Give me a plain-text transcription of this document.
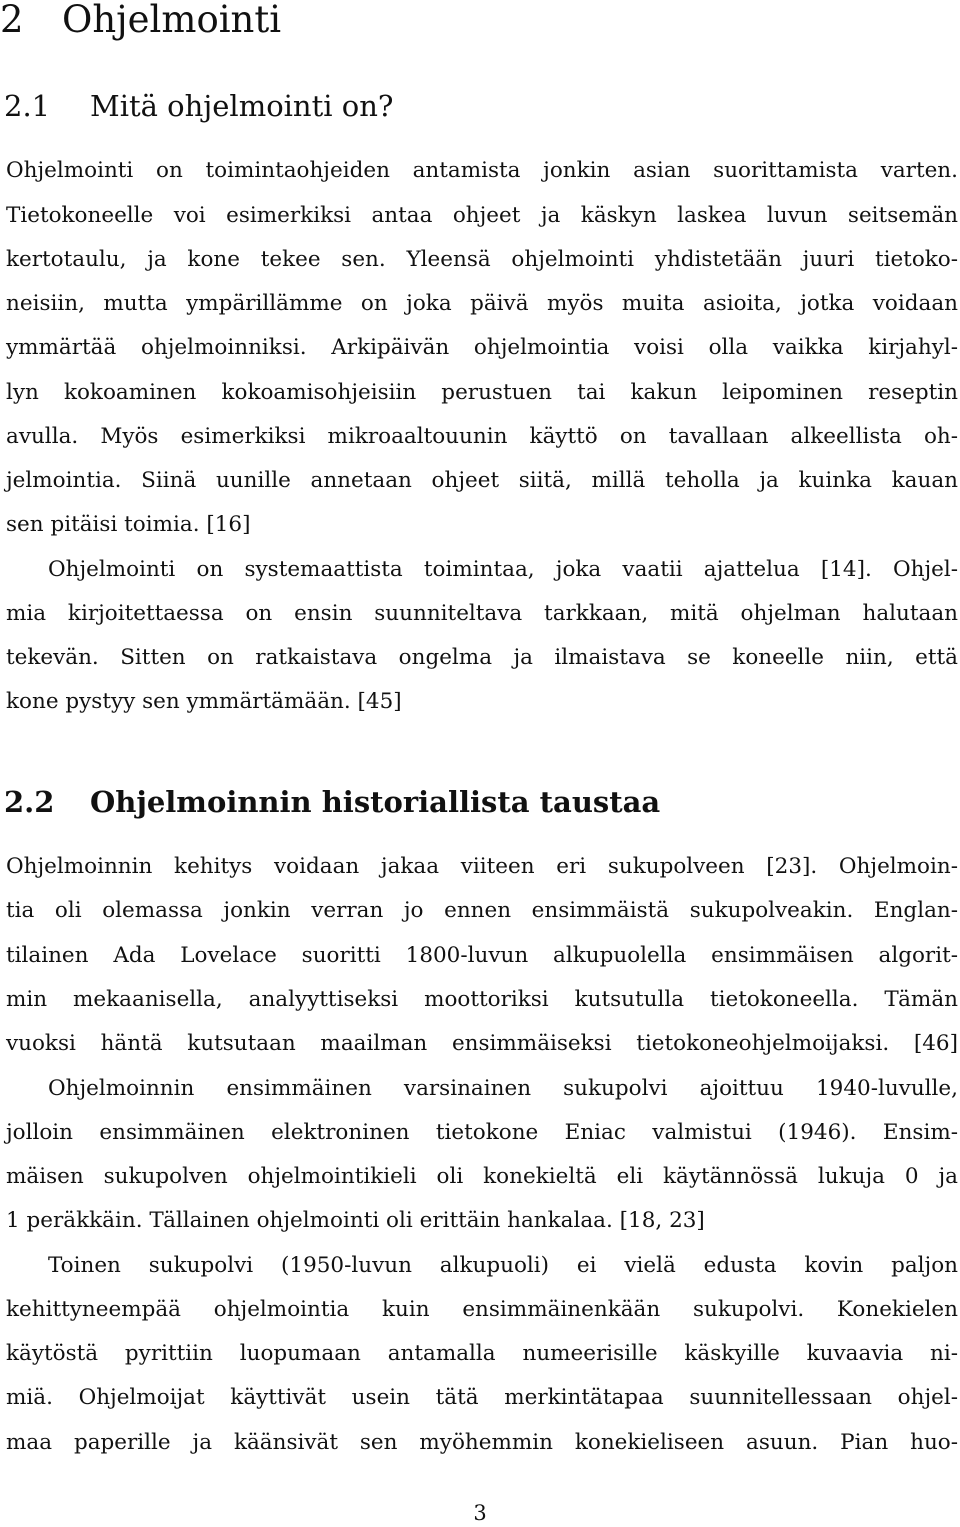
2 Ohjelmointi
2.1 Mitä ohjelmointi on?

Ohjelmointi on toimintaohjeiden antamista jonkin asian suorittamista varten.

Tietokoneelle voi esimerkiksi antaa ohjeet ja käskyn laskea luvun seitsemän

kertotaulu, ja kone tekee sen. Yleensä ohjelmointi yhdistetään juuri tietoko-

neisiin, mutta ympärillämme on joka päivä myös muita asioita, jotka voidaan

ymmärtää ohjelmoinniksi. Arkipäivän ohjelmointia voisi olla vaikka kirjahyl-

lyn kokoaminen kokoamisohjeisiin perustuen tai kakun leipominen reseptin

avulla. Myös esimerkiksi mikroaaltouunin käyttö on tavallaan alkeellista oh-

jelmointia. Siinä uunille annetaan ohjeet siitä, millä teholla ja kuinka kauan

sen pitäisi toimia. [16]

Ohjelmointi on systemaattista toimintaa, joka vaatii ajattelua [14]. Ohjel-

mia kirjoitettaessa on ensin suunniteltava tarkkaan, mitä ohjelman halutaan

tekevän. Sitten on ratkaistava ongelma ja ilmaistava se koneelle niin, että

kone pystyy sen ymmärtämään. [45]

2.2 Ohjelmoinnin historiallista taustaa

Ohjelmoinnin kehitys voidaan jakaa viiteen eri sukupolveen [23]. Ohjelmoin-

tia oli olemassa jonkin verran jo ennen ensimmäistä sukupolveakin. Englan-

tilainen Ada Lovelace suoritti 1800-luvun alkupuolella ensimmäisen algorit-

min mekaanisella, analyyttiseksi moottoriksi kutsutulla tietokoneella. Tämän

vuoksi häntä kutsutaan maailman ensimmäiseksi tietokoneohjelmoijaksi. [46]

Ohjelmoinnin ensimmäinen varsinainen sukupolvi ajoittuu 1940-luvulle,

jolloin ensimmäinen elektroninen tietokone Eniac valmistui (1946). Ensim-

mäisen sukupolven ohjelmointikieli oli konekieltä eli käytännössä lukuja 0 ja

1 peräkkäin. Tällainen ohjelmointi oli erittäin hankalaa. [18, 23]

Toinen sukupolvi (1950-luvun alkupuoli) ei vielä edusta kovin paljon

kehittyneempää ohjelmointia kuin ensimmäinenkään sukupolvi. Konekielen

käytöstä pyrittiin luopumaan antamalla numeerisille käskyille kuvaavia ni-

miä. Ohjelmoijat käyttivät usein tätä merkintätapaa suunnitellessaan ohjel-

maa paperille ja käänsivät sen myöhemmin konekieliseen asuun. Pian huo-

3
